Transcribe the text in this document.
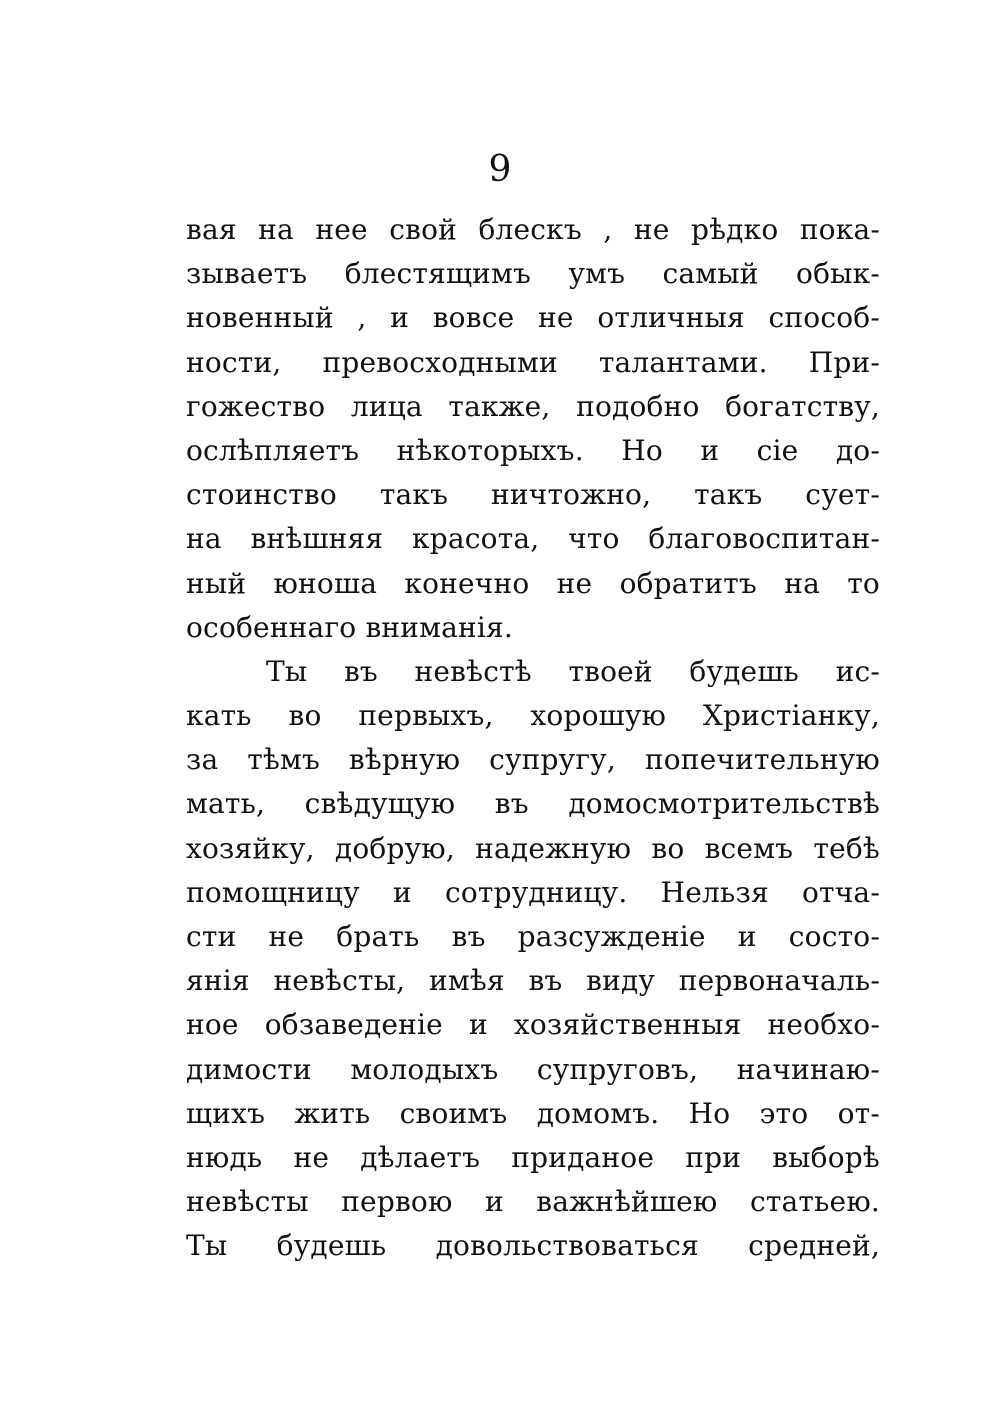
9
вая на нее свой блескъ , не рѣдко пока-
зываетъ блестящимъ умъ самый обык-
новенный , и вовсе не отличныя способ-
ности, превосходными талантами. При-
гожество лица также, подобно богатству,
ослѣпляетъ нѣкоторыхъ. Но и сіе до-
стоинство такъ ничтожно, такъ сует-
на внѣшняя красота, что благовоспитан-
ный юноша конечно не обратитъ на то
особеннаго вниманія.
Ты въ невѣстѣ твоей будешь ис-
кать во первыхъ, хорошую Христіанку,
за тѣмъ вѣрную супругу, попечительную
мать, свѣдущую въ домосмотрительствѣ
хозяйку, добрую, надежную во всемъ тебѣ
помощницу и сотрудницу. Нельзя отча-
сти не брать въ разсужденіе и состо-
янія невѣсты, имѣя въ виду первоначаль-
ное обзаведеніе и хозяйственныя необхо-
димости молодыхъ супруговъ, начинаю-
щихъ жить своимъ домомъ. Но это от-
нюдь не дѣлаетъ приданое при выборѣ
невѣсты первою и важнѣйшею статьею.
Ты будешь довольствоваться средней,
